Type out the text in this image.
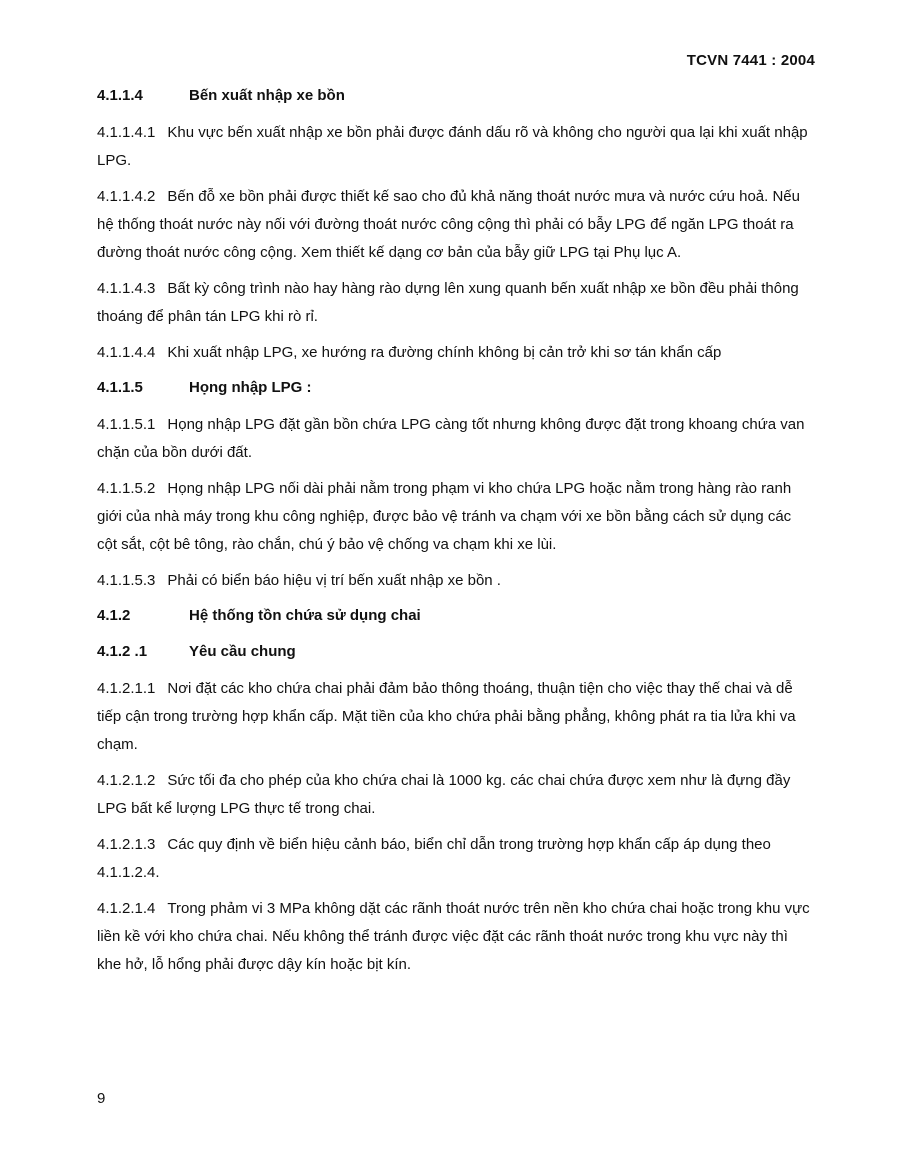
TCVN 7441 : 2004
4.1.1.4	Bến xuất nhập xe bồn
4.1.1.4.1 Khu vực bến xuất nhập xe bồn phải được đánh dấu rõ và không cho người qua lại khi xuất nhập LPG.
4.1.1.4.2 Bến đỗ xe bồn phải được thiết kế sao cho đủ khả năng thoát nước mưa và nước cứu hoả. Nếu hệ thống thoát nước này nối với đường thoát nước công cộng thì phải có bẫy LPG để ngăn LPG thoát ra đường thoát nước công cộng. Xem thiết kế dạng cơ bản của bẫy giữ LPG tại Phụ lục A.
4.1.1.4.3 Bất kỳ công trình nào hay hàng rào dựng lên xung quanh bến xuất nhập xe bồn đều phải thông thoáng để phân tán LPG khi rò rỉ.
4.1.1.4.4 Khi xuất nhập LPG, xe hướng ra đường chính không bị cản trở khi sơ tán khẩn cấp
4.1.1.5	Họng nhập LPG :
4.1.1.5.1 Họng nhập LPG đặt gần bồn chứa LPG càng tốt nhưng không được đặt trong khoang chứa van chặn của bồn dưới đất.
4.1.1.5.2 Họng nhập LPG nối dài phải nằm trong phạm vi kho chứa LPG hoặc nằm trong hàng rào ranh giới của nhà máy trong khu công nghiệp, được bảo vệ tránh va chạm với xe bồn bằng cách sử dụng các cột sắt, cột bê tông, rào chắn, chú ý bảo vệ chống va chạm khi xe lùi.
4.1.1.5.3 Phải có biển báo hiệu vị trí bến xuất nhập xe bồn .
4.1.2	Hệ thống tồn chứa sử dụng chai
4.1.2 .1	Yêu cầu chung
4.1.2.1.1 Nơi đặt các kho chứa chai phải đảm bảo thông thoáng, thuận tiện cho việc thay thế chai và dễ tiếp cận trong trường hợp khẩn cấp. Mặt tiền của kho chứa phải bằng phẳng, không phát ra tia lửa khi va chạm.
4.1.2.1.2 Sức tối đa cho phép của kho chứa chai là 1000 kg. các chai chứa được xem như là đựng đầy LPG bất kể lượng LPG thực tế trong chai.
4.1.2.1.3 Các quy định về biển hiệu cảnh báo, biển chỉ dẫn trong trường hợp khẩn cấp áp dụng theo 4.1.1.2.4.
4.1.2.1.4 Trong phảm vi 3 MPa không dặt các rãnh thoát nước trên nền kho chứa chai hoặc trong khu vực liền kề với kho chứa chai. Nếu không thể tránh được việc đặt các rãnh thoát nước trong khu vực này thì khe hở, lỗ hổng phải được dậy kín hoặc bịt kín.
9
